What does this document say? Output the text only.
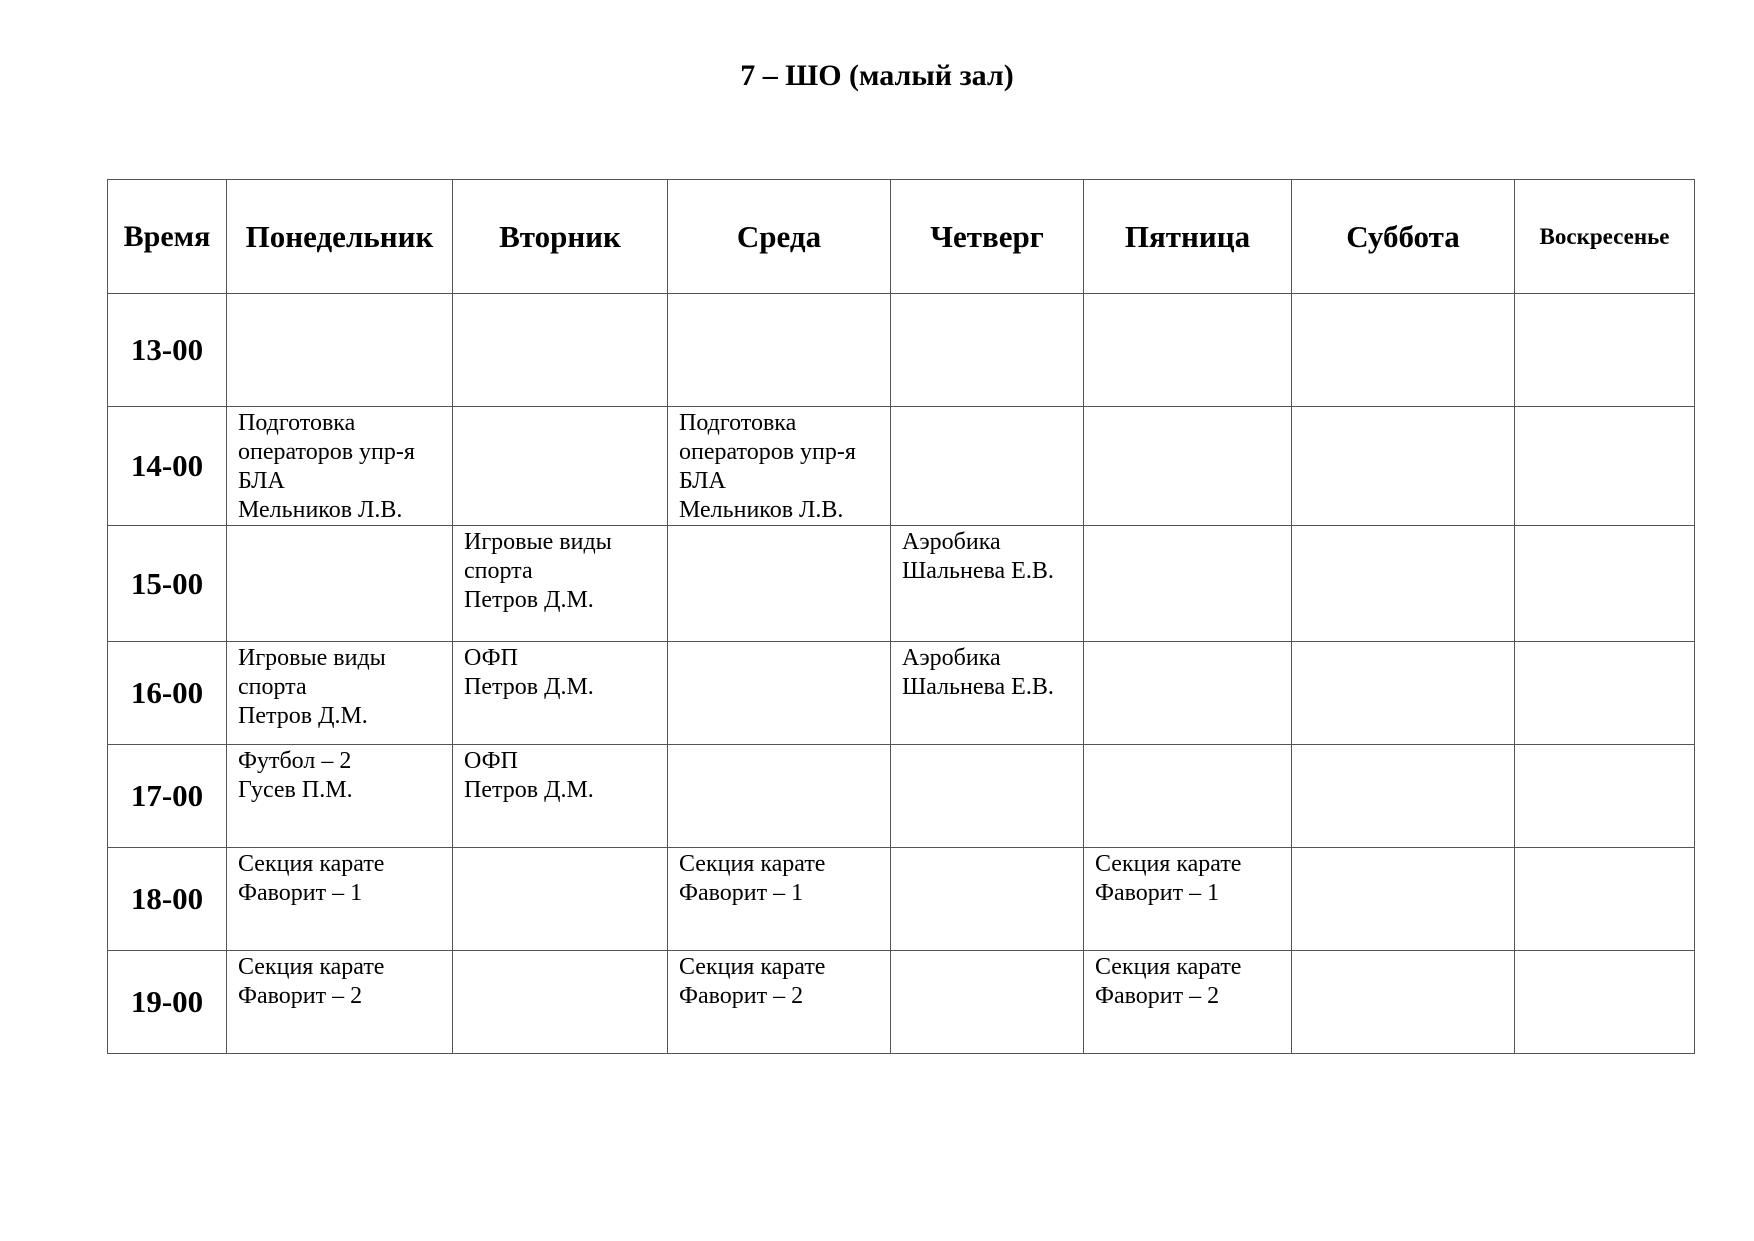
7 – ШО (малый зал)
Время	Понедельник	Вторник	Среда	Четверг	Пятница	Суббота	Воскресенье
13-00							
14-00	Подготовка
операторов упр-я
БЛА
Мельников Л.В.		Подготовка
операторов упр-я
БЛА
Мельников Л.В.				
15-00		Игровые виды
спорта
Петров Д.М.		Аэробика
Шальнева Е.В.			
16-00	Игровые виды
спорта
Петров Д.М.	ОФП
Петров Д.М.		Аэробика
Шальнева Е.В.			
17-00	Футбол – 2
Гусев П.М.	ОФП
Петров Д.М.					
18-00	Секция карате
Фаворит – 1		Секция карате
Фаворит – 1		Секция карате
Фаворит – 1		
19-00	Секция карате
Фаворит – 2		Секция карате
Фаворит – 2		Секция карате
Фаворит – 2		
